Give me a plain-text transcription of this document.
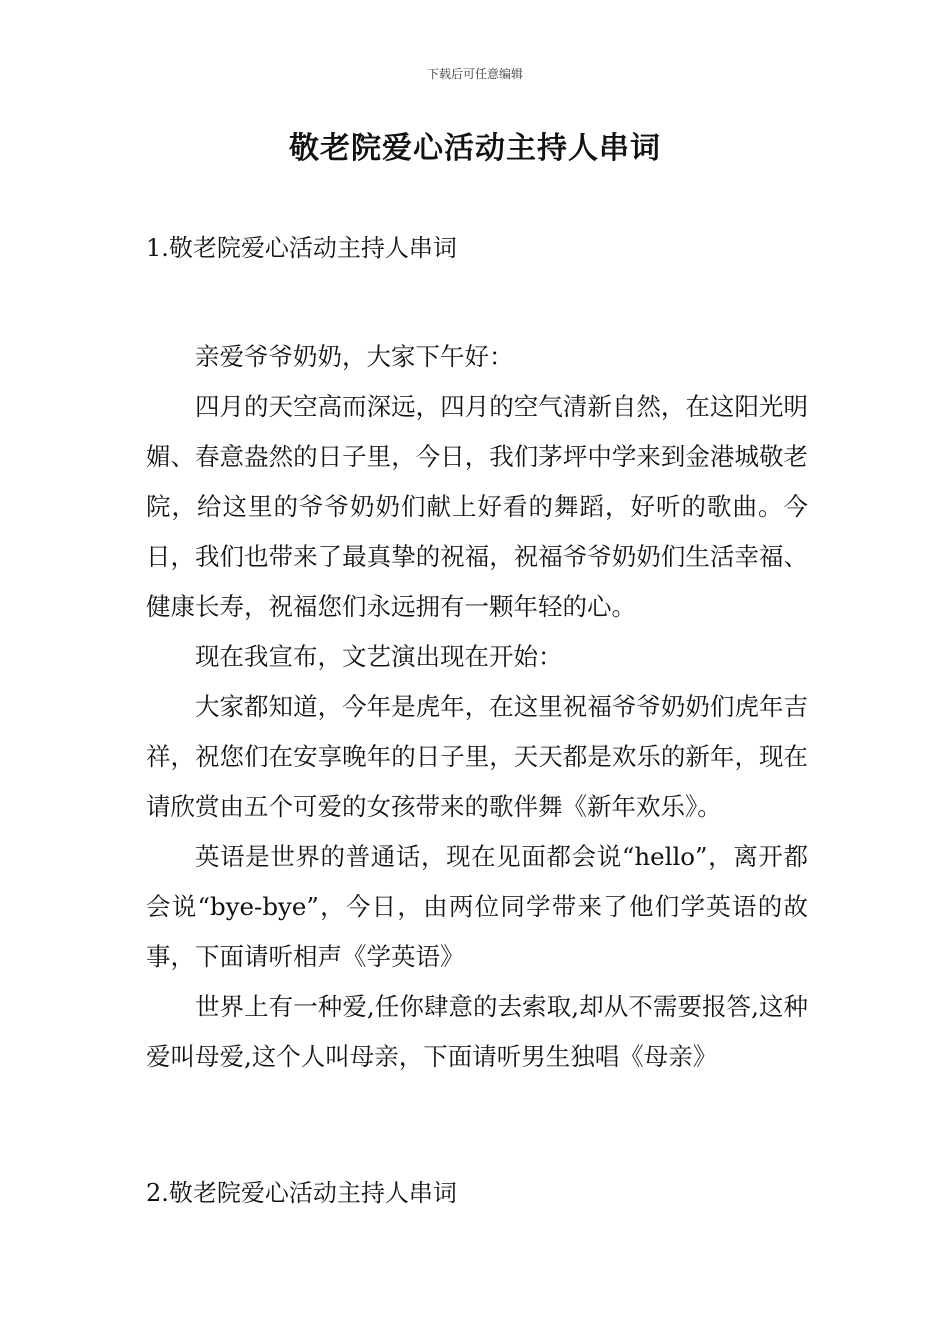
下载后可任意编辑
敬老院爱心活动主持人串词
1.敬老院爱心活动主持人串词

亲爱爷爷奶奶，大家下午好：

四月的天空高而深远，四月的空气清新自然，在这阳光明媚、春意盎然的日子里，今日，我们茅坪中学来到金港城敬老院，给这里的爷爷奶奶们献上好看的舞蹈，好听的歌曲。今日，我们也带来了最真挚的祝福，祝福爷爷奶奶们生活幸福、健康长寿，祝福您们永远拥有一颗年轻的心。

现在我宣布，文艺演出现在开始：

大家都知道，今年是虎年，在这里祝福爷爷奶奶们虎年吉祥，祝您们在安享晚年的日子里，天天都是欢乐的新年，现在请欣赏由五个可爱的女孩带来的歌伴舞《新年欢乐》。

英语是世界的普通话，现在见面都会说“hello”，离开都会说“bye-bye”，今日，由两位同学带来了他们学英语的故事，下面请听相声《学英语》

世界上有一种爱,任你肆意的去索取,却从不需要报答,这种爱叫母爱,这个人叫母亲，下面请听男生独唱《母亲》

2.敬老院爱心活动主持人串词
